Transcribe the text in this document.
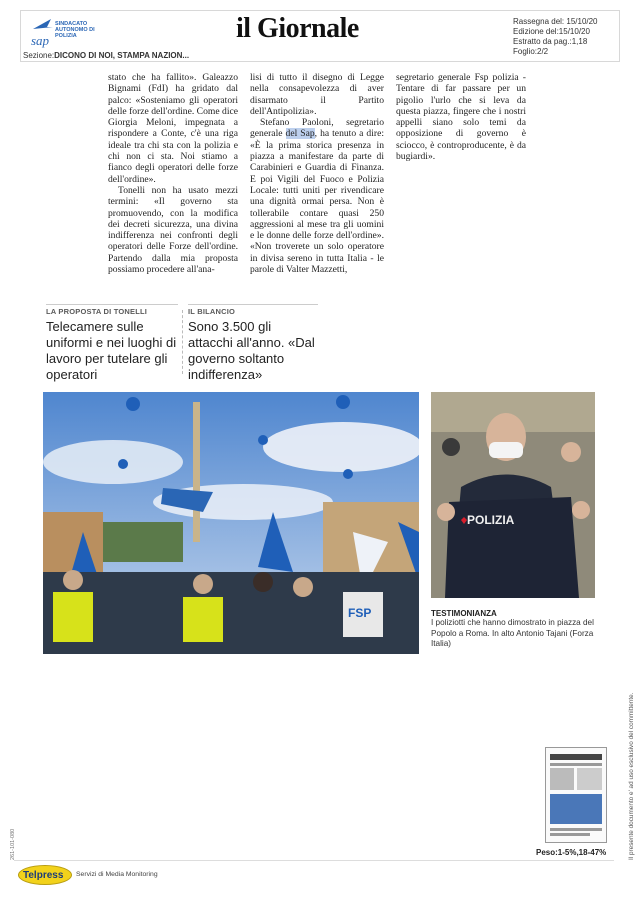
sap
SINDACATO AUTONOMO DI POLIZIA	il Giornale	Rassegna del: 15/10/20
Edizione del:15/10/20
Estratto da pag.:1,18
Foglio:2/2
Sezione:DICONO DI NOI, STAMPA NAZION...

stato che ha fallito». Galeazzo Bignami (FdI) ha gridato dal palco: «Sosteniamo gli operatori delle forze dell'ordine. Come dice Giorgia Meloni, impegnata a rispondere a Conte, c'è una riga ideale tra chi sta con la polizia e chi non ci sta. Noi stiamo a fianco degli operatori delle forze dell'ordine».

Tonelli non ha usato mezzi termini: «Il governo sta promuovendo, con la modifica dei decreti sicurezza, una divina indifferenza nei confronti degli operatori delle Forze dell'ordine. Partendo dalla mia proposta possiamo procedere all'ana-

lisi di tutto il disegno di Legge nella consapevolezza di aver disarmato il Partito dell'Antipolizia».

Stefano Paoloni, segretario generale del Sap, ha tenuto a dire: «È la prima storica presenza in piazza a manifestare da parte di Carabinieri e Guardia di Finanza. E poi Vigili del Fuoco e Polizia Locale: tutti uniti per rivendicare una dignità ormai persa. Non è tollerabile contare quasi 250 aggressioni al mese tra gli uomini e le donne delle forze dell'ordine». «Non troverete un solo operatore in divisa sereno in tutta Italia - le parole di Valter Mazzetti,

segretario generale Fsp polizia - Tentare di far passare per un pigolio l'urlo che si leva da questa piazza, fingere che i nostri appelli siano solo temi da opposizione di governo è sciocco, è controproducente, è da bugiardi».

LA PROPOSTA DI TONELLI
Telecamere sulle uniformi e nei luoghi di lavoro per tutelare gli operatori
IL BILANCIO
Sono 3.500 gli attacchi all'anno. «Dal governo soltanto indifferenza»
FSP
POLIZIA
TESTIMONIANZA
I poliziotti che hanno dimostrato in piazza del Popolo a Roma. In alto Antonio Tajani (Forza Italia)
Peso:1-5%,18-47%	Il presente documento e' ad uso esclusivo del committente.
261-101-080
Telpress Servizi di Media Monitoring
